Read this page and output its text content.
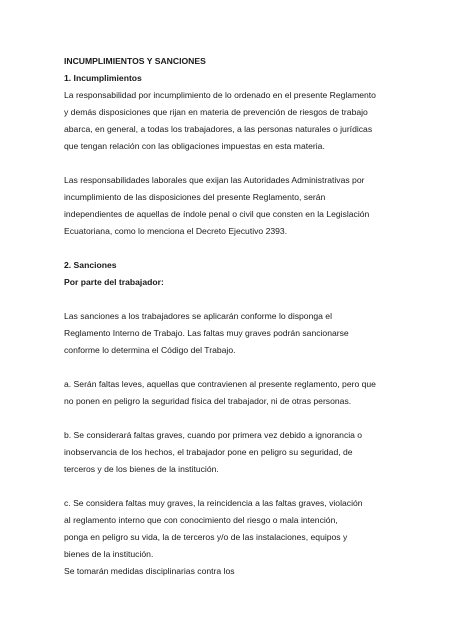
INCUMPLIMIENTOS Y SANCIONES
1. Incumplimientos
La responsabilidad por incumplimiento de lo ordenado en el presente Reglamento
y demás disposiciones que rijan en materia de prevención de riesgos de trabajo
abarca, en general, a todas los trabajadores, a las personas naturales o jurídicas
que tengan relación con las obligaciones impuestas en esta materia.
Las responsabilidades laborales que exijan las Autoridades Administrativas por
incumplimiento de las disposiciones del presente Reglamento, serán
independientes de aquellas de índole penal o civil que consten en la Legislación
Ecuatoriana, como lo menciona el Decreto Ejecutivo 2393.
2. Sanciones
Por parte del trabajador:
Las sanciones a los trabajadores se aplicarán conforme lo disponga el
Reglamento Interno de Trabajo. Las faltas muy graves podrán sancionarse
conforme lo determina el Código del Trabajo.
a. Serán faltas leves, aquellas que contravienen al presente reglamento, pero que
no ponen en peligro la seguridad física del trabajador, ni de otras personas.
b. Se considerará faltas graves, cuando por primera vez debido a ignorancia o
inobservancia de los hechos, el trabajador pone en peligro su seguridad, de
terceros y de los bienes de la institución.
c. Se considera faltas muy graves, la reincidencia a las faltas graves, violación
al reglamento interno que con conocimiento del riesgo o mala intención,
ponga en peligro su vida, la de terceros y/o de las instalaciones, equipos y
bienes de la institución.
Se tomarán medidas disciplinarias contra los
